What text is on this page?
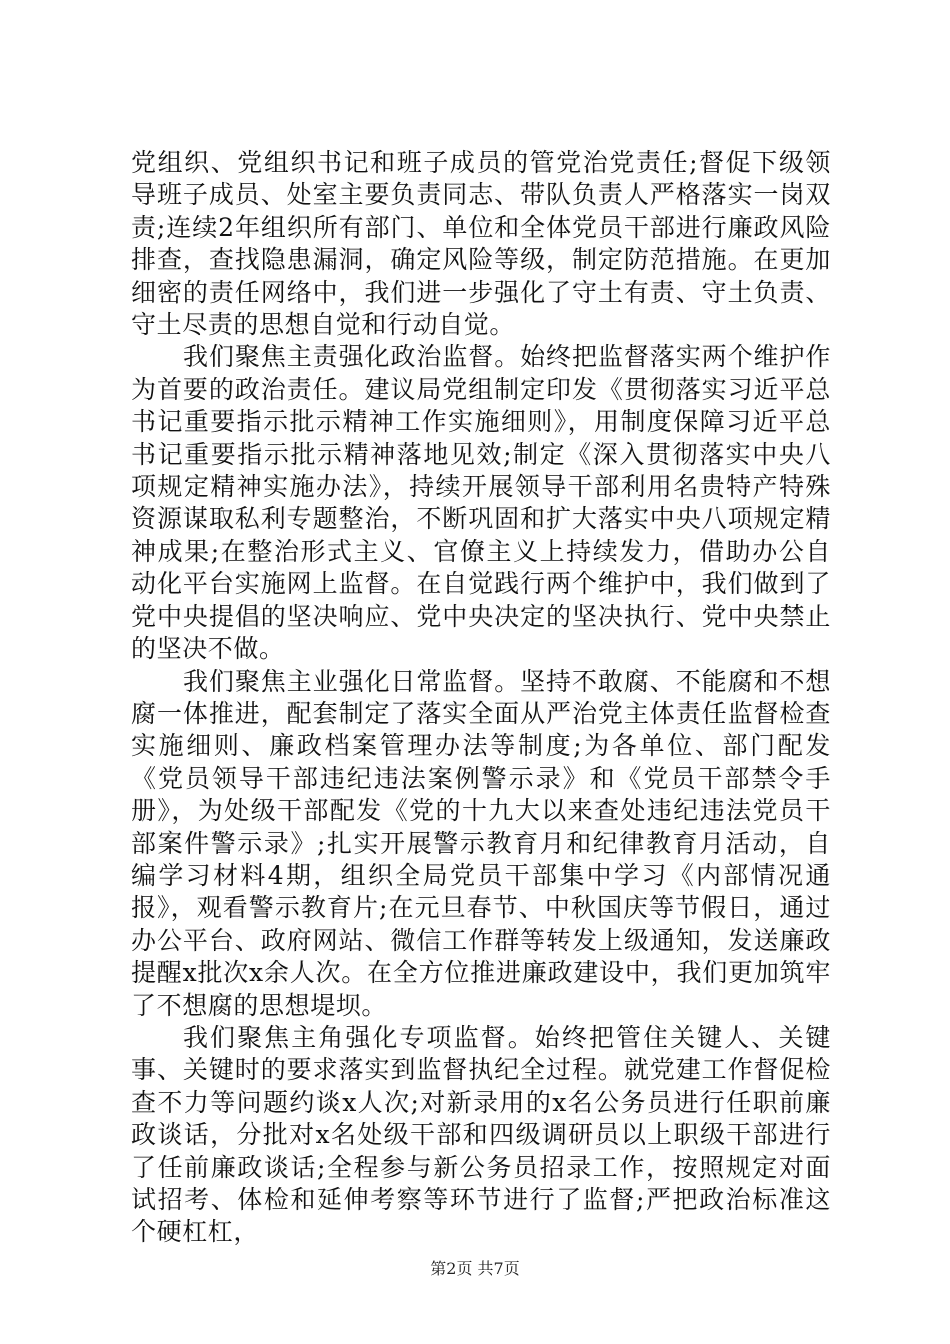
党组织、党组织书记和班子成员的管党治党责任;督促下级领导班子成员、处室主要负责同志、带队负责人严格落实一岗双责;连续2年组织所有部门、单位和全体党员干部进行廉政风险排查，查找隐患漏洞，确定风险等级，制定防范措施。在更加细密的责任网络中，我们进一步强化了守土有责、守土负责、守土尽责的思想自觉和行动自觉。

我们聚焦主责强化政治监督。始终把监督落实两个维护作为首要的政治责任。建议局党组制定印发《贯彻落实习近平总书记重要指示批示精神工作实施细则》，用制度保障习近平总书记重要指示批示精神落地见效;制定《深入贯彻落实中央八项规定精神实施办法》，持续开展领导干部利用名贵特产特殊资源谋取私利专题整治，不断巩固和扩大落实中央八项规定精神成果;在整治形式主义、官僚主义上持续发力，借助办公自动化平台实施网上监督。在自觉践行两个维护中，我们做到了党中央提倡的坚决响应、党中央决定的坚决执行、党中央禁止的坚决不做。

我们聚焦主业强化日常监督。坚持不敢腐、不能腐和不想腐一体推进，配套制定了落实全面从严治党主体责任监督检查实施细则、廉政档案管理办法等制度;为各单位、部门配发《党员领导干部违纪违法案例警示录》和《党员干部禁令手册》，为处级干部配发《党的十九大以来查处违纪违法党员干部案件警示录》;扎实开展警示教育月和纪律教育月活动，自编学习材料4期，组织全局党员干部集中学习《内部情况通报》，观看警示教育片;在元旦春节、中秋国庆等节假日，通过办公平台、政府网站、微信工作群等转发上级通知，发送廉政提醒x批次x余人次。在全方位推进廉政建设中，我们更加筑牢了不想腐的思想堤坝。

我们聚焦主角强化专项监督。始终把管住关键人、关键事、关键时的要求落实到监督执纪全过程。就党建工作督促检查不力等问题约谈x人次;对新录用的x名公务员进行任职前廉政谈话，分批对x名处级干部和四级调研员以上职级干部进行了任前廉政谈话;全程参与新公务员招录工作，按照规定对面试招考、体检和延伸考察等环节进行了监督;严把政治标准这个硬杠杠，

第2页 共7页
